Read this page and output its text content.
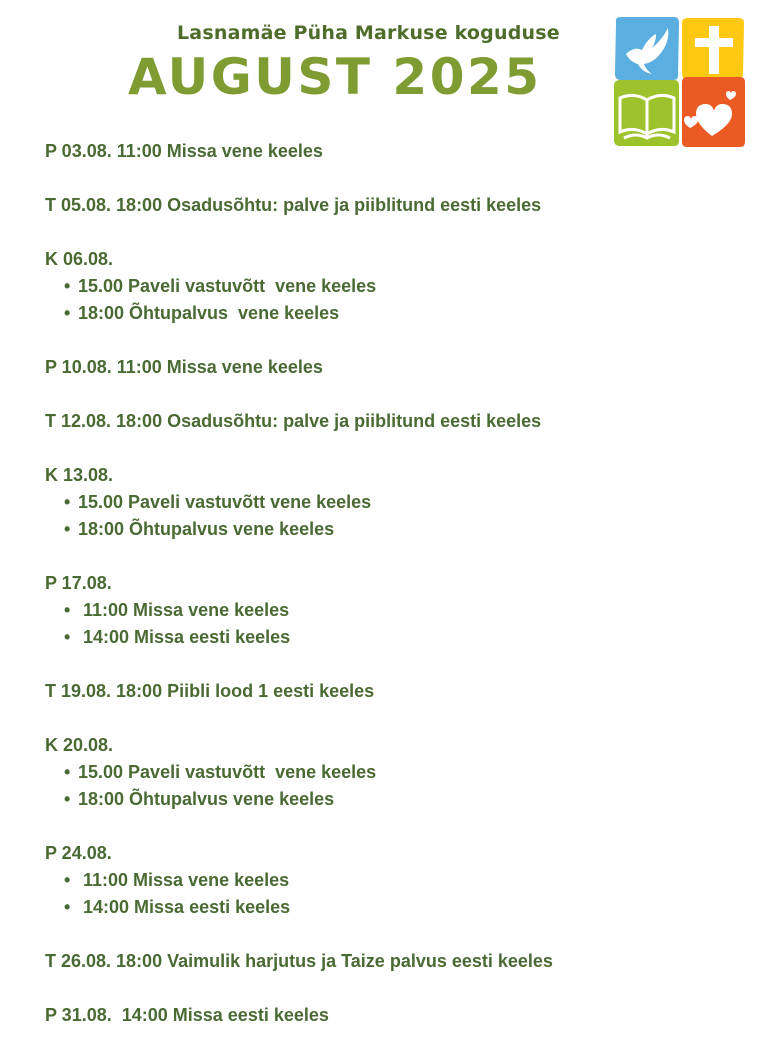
Lasnamäe Püha Markuse koguduse
AUGUST 2025
P 03.08. 11:00 Missa vene keeles
T 05.08. 18:00 Osadusõhtu: palve ja piiblitund eesti keeles
K 06.08.
• 15.00 Paveli vastuvõtt  vene keeles
• 18:00 Õhtupalvus  vene keeles
P 10.08. 11:00 Missa vene keeles
T 12.08. 18:00 Osadusõhtu: palve ja piiblitund eesti keeles
K 13.08.
• 15.00 Paveli vastuvõtt vene keeles
• 18:00 Õhtupalvus vene keeles
P 17.08.
• 11:00 Missa vene keeles
• 14:00 Missa eesti keeles
T 19.08. 18:00 Piibli lood 1 eesti keeles
K 20.08.
• 15.00 Paveli vastuvõtt  vene keeles
• 18:00 Õhtupalvus vene keeles
P 24.08.
• 11:00 Missa vene keeles
• 14:00 Missa eesti keeles
T 26.08. 18:00 Vaimulik harjutus ja Taize palvus eesti keeles
P 31.08.  14:00 Missa eesti keeles
